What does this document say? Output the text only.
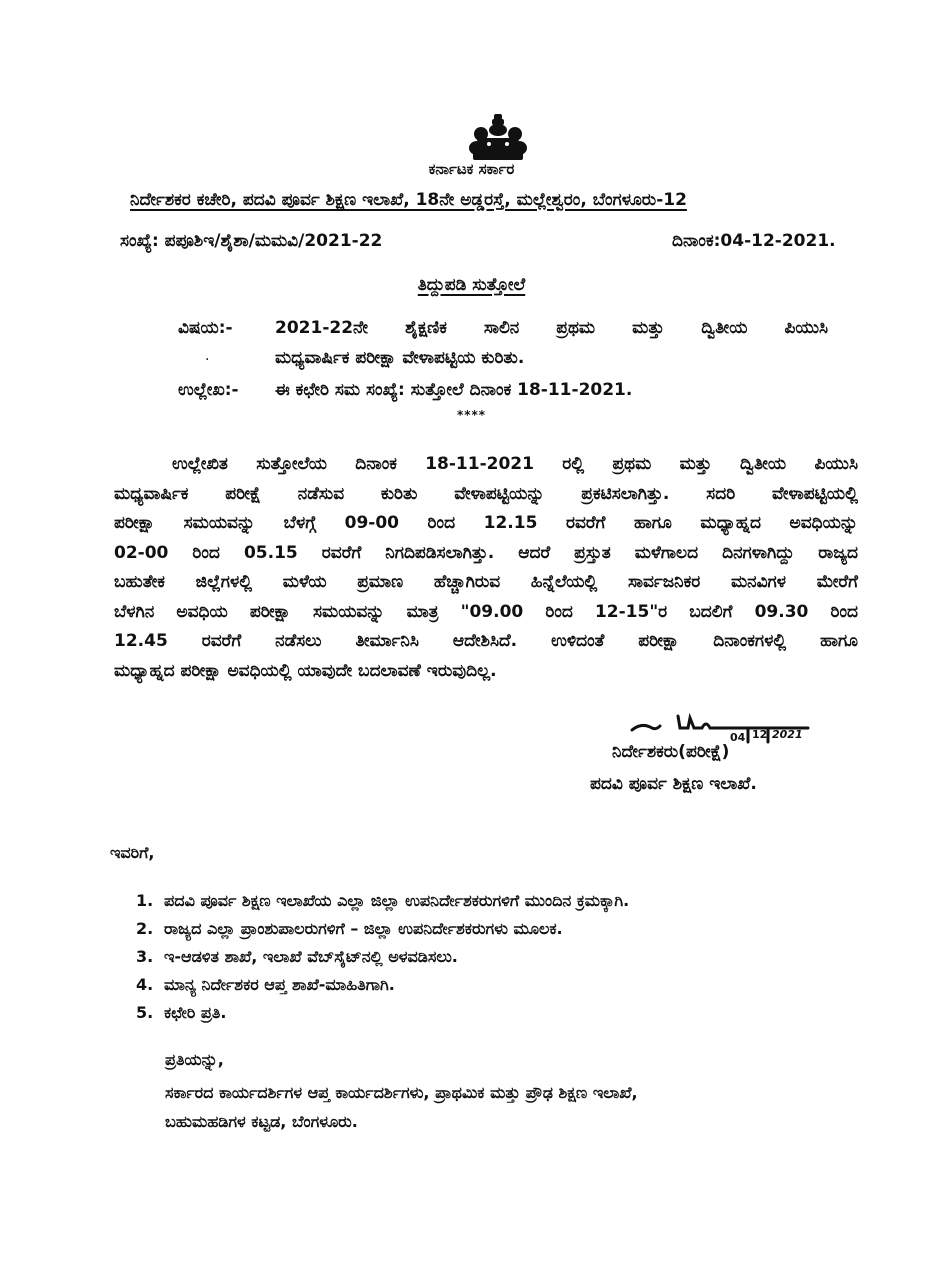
ಕರ್ನಾಟಕ ಸರ್ಕಾರ
ನಿರ್ದೇಶಕರ ಕಚೇರಿ, ಪದವಿ ಪೂರ್ವ ಶಿಕ್ಷಣ ಇಲಾಖೆ, 18ನೇ ಅಡ್ಡರಸ್ತೆ, ಮಲ್ಲೇಶ್ವರಂ, ಬೆಂಗಳೂರು-12
ಸಂಖ್ಯೆ: ಪಪೂಶಿಇ/ಶೈಶಾ/ಮಮವಿ/2021-22	ದಿನಾಂಕ:04-12-2021.
ತಿದ್ದುಪಡಿ ಸುತ್ತೋಲೆ
ವಿಷಯ:- 2021-22ನೇ ಶೈಕ್ಷಣಿಕ ಸಾಲಿನ ಪ್ರಥಮ ಮತ್ತು ದ್ವಿತೀಯ ಪಿಯುಸಿ
.	ಮಧ್ಯವಾರ್ಷಿಕ ಪರೀಕ್ಷಾ ವೇಳಾಪಟ್ಟಿಯ ಕುರಿತು.
ಉಲ್ಲೇಖ:- ಈ ಕಛೇರಿ ಸಮ ಸಂಖ್ಯೆ: ಸುತ್ತೋಲೆ ದಿನಾಂಕ 18-11-2021.
****
ಉಲ್ಲೇಖಿತ ಸುತ್ತೋಲೆಯ ದಿನಾಂಕ 18-11-2021 ರಲ್ಲಿ ಪ್ರಥಮ ಮತ್ತು ದ್ವಿತೀಯ ಪಿಯುಸಿ
ಮಧ್ಯವಾರ್ಷಿಕ ಪರೀಕ್ಷೆ ನಡೆಸುವ ಕುರಿತು ವೇಳಾಪಟ್ಟಿಯನ್ನು ಪ್ರಕಟಿಸಲಾಗಿತ್ತು. ಸದರಿ ವೇಳಾಪಟ್ಟಿಯಲ್ಲಿ
ಪರೀಕ್ಷಾ ಸಮಯವನ್ನು ಬೆಳಗ್ಗೆ 09-00 ರಿಂದ 12.15 ರವರೆಗೆ ಹಾಗೂ ಮಧ್ಯಾಹ್ನದ ಅವಧಿಯನ್ನು
02-00 ರಿಂದ 05.15 ರವರೆಗೆ ನಿಗದಿಪಡಿಸಲಾಗಿತ್ತು. ಆದರೆ ಪ್ರಸ್ತುತ ಮಳೆಗಾಲದ ದಿನಗಳಾಗಿದ್ದು ರಾಜ್ಯದ
ಬಹುತೇಕ ಜಿಲ್ಲೆಗಳಲ್ಲಿ ಮಳೆಯ ಪ್ರಮಾಣ ಹೆಚ್ಚಾಗಿರುವ ಹಿನ್ನೆಲೆಯಲ್ಲಿ ಸಾರ್ವಜನಿಕರ ಮನವಿಗಳ ಮೇರೆಗೆ
ಬೆಳಗಿನ ಅವಧಿಯ ಪರೀಕ್ಷಾ ಸಮಯವನ್ನು ಮಾತ್ರ "09.00 ರಿಂದ 12-15"ರ ಬದಲಿಗೆ 09.30 ರಿಂದ
12.45 ರವರೆಗೆ ನಡೆಸಲು ತೀರ್ಮಾನಿಸಿ ಆದೇಶಿಸಿದೆ. ಉಳಿದಂತೆ ಪರೀಕ್ಷಾ ದಿನಾಂಕಗಳಲ್ಲಿ ಹಾಗೂ
ಮಧ್ಯಾಹ್ನದ ಪರೀಕ್ಷಾ ಅವಧಿಯಲ್ಲಿ ಯಾವುದೇ ಬದಲಾವಣೆ ಇರುವುದಿಲ್ಲ.
04 12 2021
ನಿರ್ದೇಶಕರು(ಪರೀಕ್ಷೆ)
ಪದವಿ ಪೂರ್ವ ಶಿಕ್ಷಣ ಇಲಾಖೆ.
ಇವರಿಗೆ,
1. ಪದವಿ ಪೂರ್ವ ಶಿಕ್ಷಣ ಇಲಾಖೆಯ ಎಲ್ಲಾ ಜಿಲ್ಲಾ ಉಪನಿರ್ದೇಶಕರುಗಳಿಗೆ ಮುಂದಿನ ಕ್ರಮಕ್ಕಾಗಿ.
2. ರಾಜ್ಯದ ಎಲ್ಲಾ ಪ್ರಾಂಶುಪಾಲರುಗಳಿಗೆ – ಜಿಲ್ಲಾ ಉಪನಿರ್ದೇಶಕರುಗಳು ಮೂಲಕ.
3. ಇ-ಆಡಳಿತ ಶಾಖೆ, ಇಲಾಖೆ ವೆಬ್‌ಸೈಟ್‌ನಲ್ಲಿ ಅಳವಡಿಸಲು.
4. ಮಾನ್ಯ ನಿರ್ದೇಶಕರ ಆಪ್ತ ಶಾಖೆ-ಮಾಹಿತಿಗಾಗಿ.
5. ಕಛೇರಿ ಪ್ರತಿ.
ಪ್ರತಿಯನ್ನು,
ಸರ್ಕಾರದ ಕಾರ್ಯದರ್ಶಿಗಳ ಆಪ್ತ ಕಾರ್ಯದರ್ಶಿಗಳು, ಪ್ರಾಥಮಿಕ ಮತ್ತು ಪ್ರೌಢ ಶಿಕ್ಷಣ ಇಲಾಖೆ,
ಬಹುಮಹಡಿಗಳ ಕಟ್ಟಡ, ಬೆಂಗಳೂರು.
